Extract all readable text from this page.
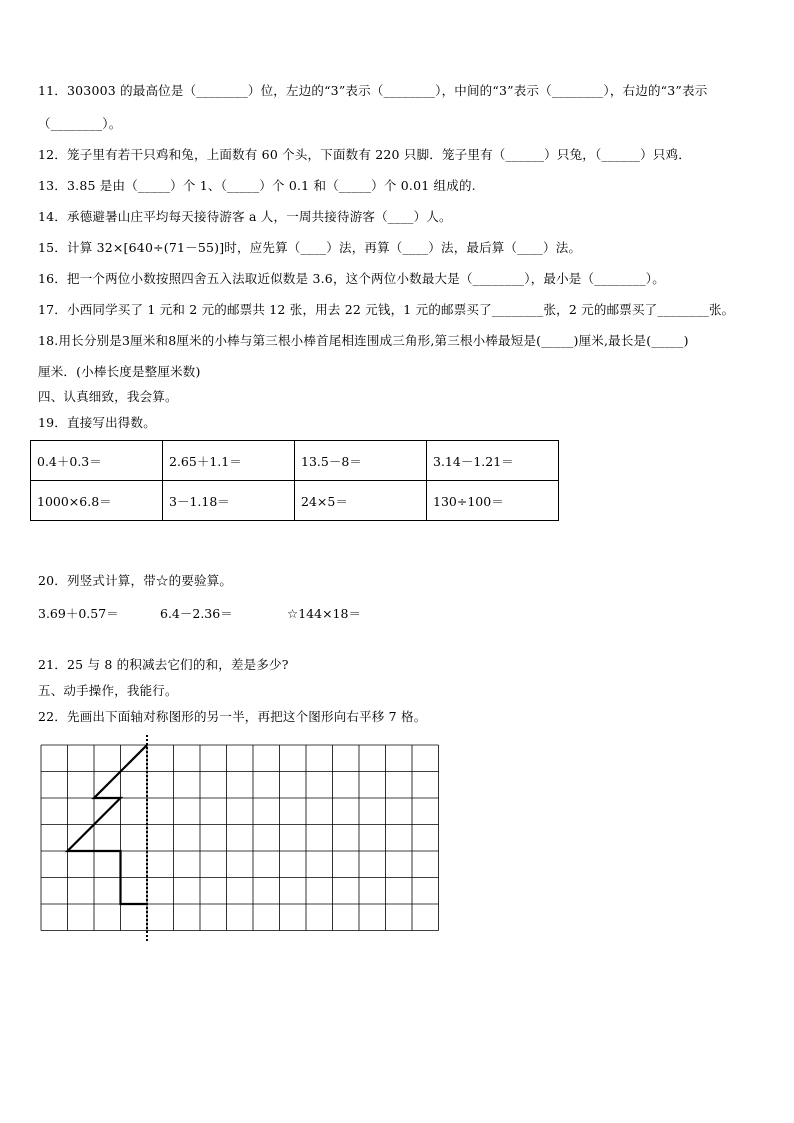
11．303003 的最高位是（________）位，左边的“3”表示（________），中间的“3”表示（________），右边的“3”表示
（________）。
12．笼子里有若干只鸡和兔，上面数有 60 个头，下面数有 220 只脚．笼子里有（______）只兔，（______）只鸡．
13．3.85 是由（_____）个 1、（_____）个 0.1 和（_____）个 0.01 组成的.
14．承德避暑山庄平均每天接待游客 a 人，一周共接待游客（____）人。
15．计算 32×[640÷(71－55)]时，应先算（____）法，再算（____）法，最后算（____）法。
16．把一个两位小数按照四舍五入法取近似数是 3.6，这个两位小数最大是（________），最小是（________）。
17．小西同学买了 1 元和 2 元的邮票共 12 张，用去 22 元钱，1 元的邮票买了________张，2 元的邮票买了________张。
18.用长分别是3厘米和8厘米的小棒与第三根小棒首尾相连围成三角形,第三根小棒最短是(_____)厘米,最长是(_____)
厘米．(小棒长度是整厘米数)
四、认真细致，我会算。
19．直接写出得数。
0.4＋0.3＝	2.65＋1.1＝	13.5－8＝	3.14－1.21＝
1000×6.8＝	3－1.18＝	24×5＝	130÷100＝
20．列竖式计算，带☆的要验算。
3.69＋0.57＝	6.4－2.36＝	☆144×18＝
21．25 与 8 的积减去它们的和，差是多少?
五、动手操作，我能行。
22．先画出下面轴对称图形的另一半，再把这个图形向右平移 7 格。
